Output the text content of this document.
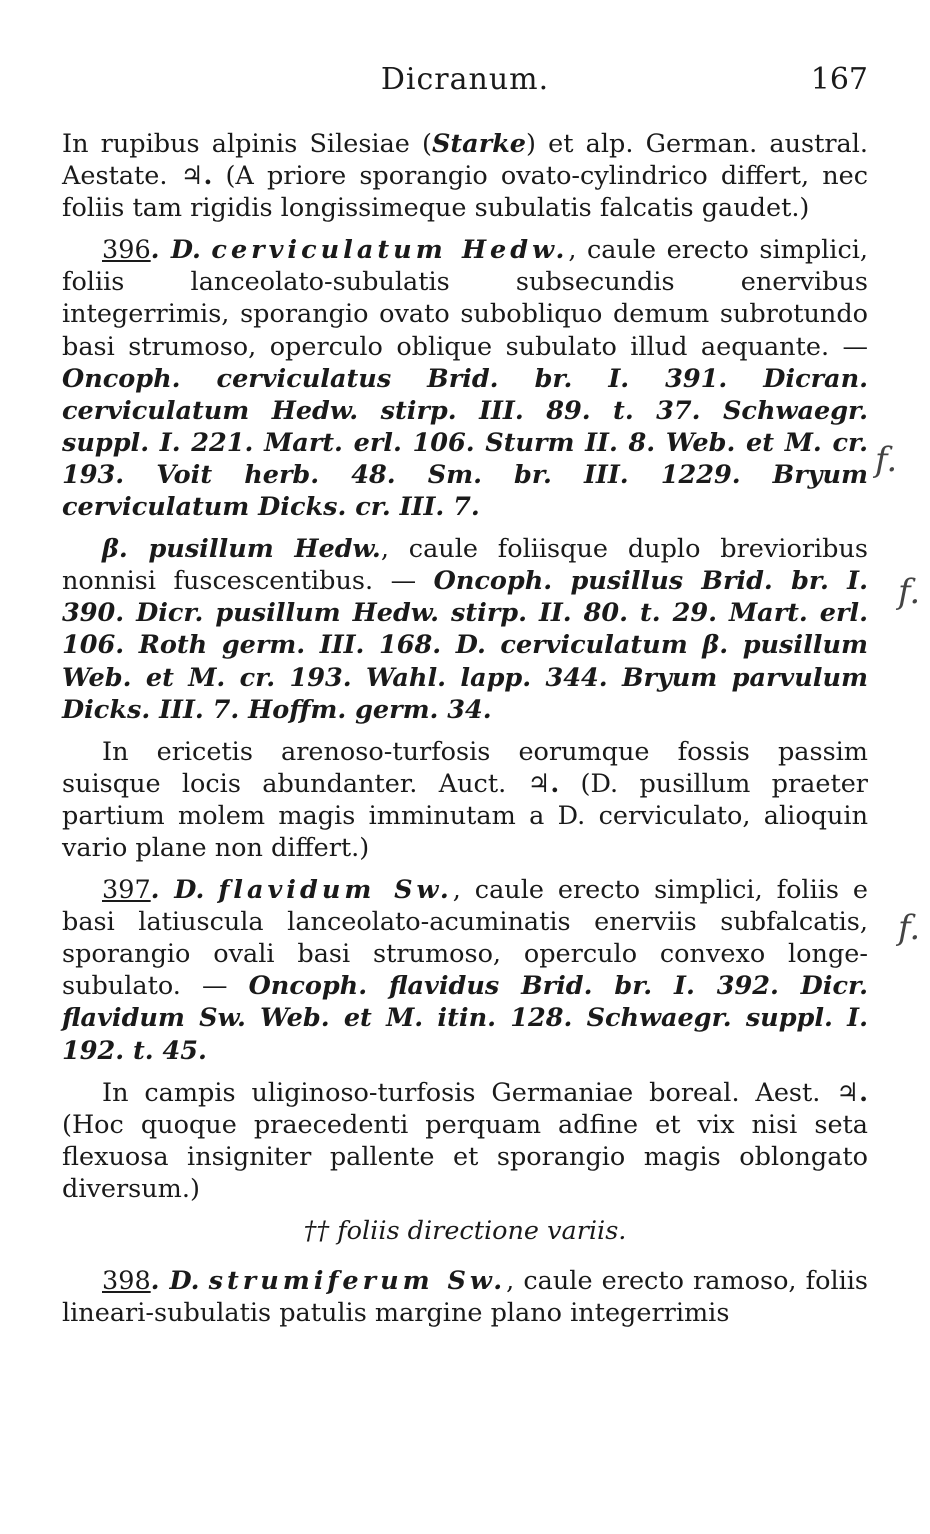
Dicranum.	167

In rupibus alpinis Silesiae (Starke) et alp. German. austral. Aestate. ♃. (A priore sporangio ovato-cylindrico differt, nec foliis tam rigidis longissimeque subulatis falcatis gaudet.)

396. D. cerviculatum Hedw., caule erecto simplici, foliis lanceolato-subulatis subsecundis enervibus integerrimis, sporangio ovato subobliquo demum subrotundo basi strumoso, operculo oblique subulato illud aequante. — Oncoph. cerviculatus Brid. br. I. 391. Dicran. cerviculatum Hedw. stirp. III. 89. t. 37. Schwaegr. suppl. I. 221. Mart. erl. 106. Sturm II. 8. Web. et M. cr. 193. Voit herb. 48. Sm. br. III. 1229. Bryum cerviculatum Dicks. cr. III. 7.

β. pusillum Hedw., caule foliisque duplo brevioribus nonnisi fuscescentibus. — Oncoph. pusillus Brid. br. I. 390. Dicr. pusillum Hedw. stirp. II. 80. t. 29. Mart. erl. 106. Roth germ. III. 168. D. cerviculatum β. pusillum Web. et M. cr. 193. Wahl. lapp. 344. Bryum parvulum Dicks. III. 7. Hoffm. germ. 34.

In ericetis arenoso-turfosis eorumque fossis passim suisque locis abundanter. Auct. ♃. (D. pusillum praeter partium molem magis imminutam a D. cerviculato, alioquin vario plane non differt.)

397. D. flavidum Sw., caule erecto simplici, foliis e basi latiuscula lanceolato-acuminatis enerviis subfalcatis, sporangio ovali basi strumoso, operculo convexo longe-subulato. — Oncoph. flavidus Brid. br. I. 392. Dicr. flavidum Sw. Web. et M. itin. 128. Schwaegr. suppl. I. 192. t. 45.

In campis uliginoso-turfosis Germaniae boreal. Aest. ♃. (Hoc quoque praecedenti perquam adfine et vix nisi seta flexuosa insigniter pallente et sporangio magis oblongato diversum.)

†† foliis directione variis.

398. D. strumiferum Sw., caule erecto ramoso, foliis lineari-subulatis patulis margine plano integerrimis

f.
f.
f.
